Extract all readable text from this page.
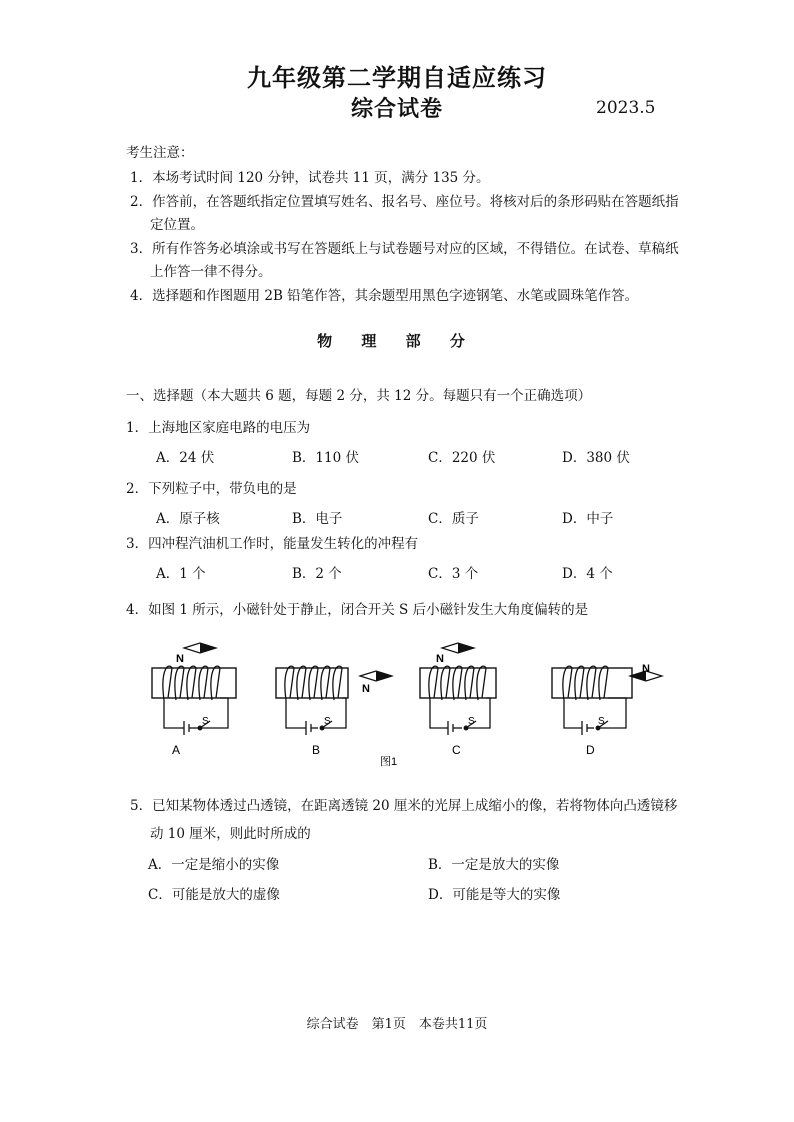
九年级第二学期自适应练习
综合试卷	2023.5
考生注意：
1．本场考试时间 120 分钟，试卷共 11 页，满分 135 分。
2．作答前，在答题纸指定位置填写姓名、报名号、座位号。将核对后的条形码贴在答题纸指
定位置。
3．所有作答务必填涂或书写在答题纸上与试卷题号对应的区域，不得错位。在试卷、草稿纸
上作答一律不得分。
4．选择题和作图题用 2B 铅笔作答，其余题型用黑色字迹钢笔、水笔或圆珠笔作答。
物 理 部 分
一、选择题（本大题共 6 题，每题 2 分，共 12 分。每题只有一个正确选项）
1．上海地区家庭电路的电压为
A．24 伏	B．110 伏	C．220 伏	D．380 伏
2．下列粒子中，带负电的是
A．原子核	B．电子	C．质子	D．中子
3．四冲程汽油机工作时，能量发生转化的冲程有
A．1 个	B．2 个	C．3 个	D．4 个
4．如图 1 所示，小磁针处于静止，闭合开关 S 后小磁针发生大角度偏转的是
S
N
A
N
S
B
N
S
C
N
S
D
图1
5．已知某物体透过凸透镜，在距离透镜 20 厘米的光屏上成缩小的像，若将物体向凸透镜移
动 10 厘米，则此时所成的
A．一定是缩小的实像	B．一定是放大的实像
C．可能是放大的虚像	D．可能是等大的实像
综合试卷　第1页　本卷共11页
